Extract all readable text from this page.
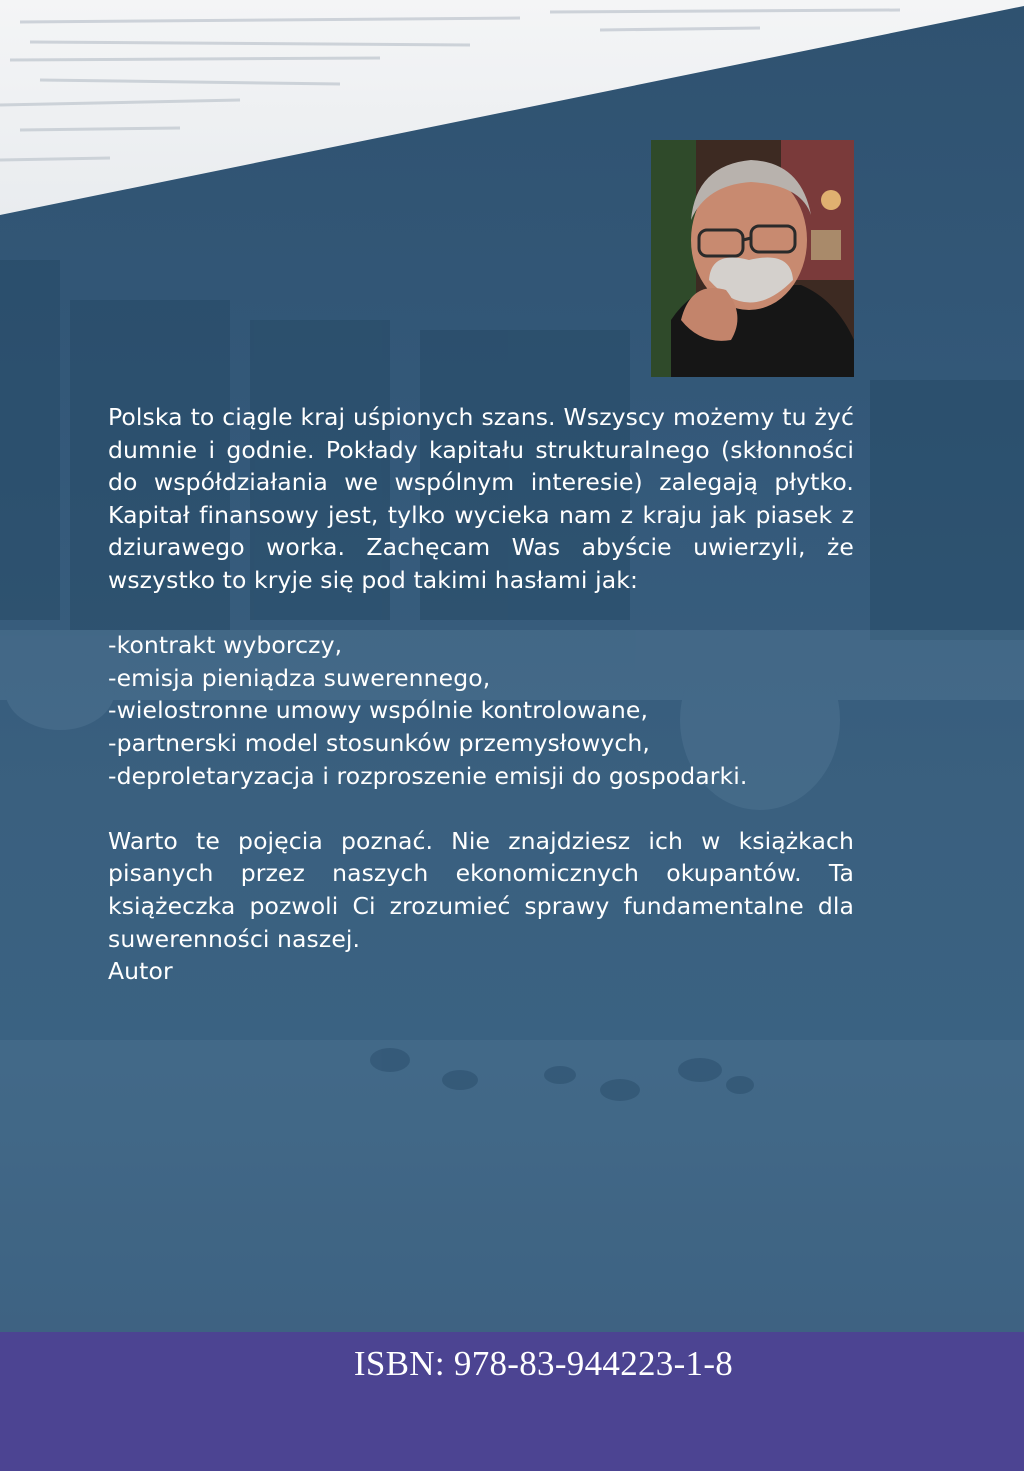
Polska to ciągle kraj uśpionych szans. Wszyscy możemy tu żyć dumnie i godnie. Pokłady kapitału strukturalnego (skłonności do współdziałania we wspólnym interesie) zalegają płytko. Kapitał finansowy jest, tylko wycieka nam z kraju jak piasek z dziurawego worka. Zachęcam Was abyście uwierzyli, że wszystko to kryje się pod takimi hasłami jak:

-kontrakt wyborczy,
-emisja pieniądza suwerennego,
-wielostronne umowy wspólnie kontrolowane,
-partnerski model stosunków przemysłowych,
-deproletaryzacja i rozproszenie emisji do gospodarki.

Warto te pojęcia poznać. Nie znajdziesz ich w książkach pisanych przez naszych ekonomicznych okupantów. Ta książeczka pozwoli Ci zrozumieć sprawy fundamentalne dla suwerenności naszej.

Autor

ISBN: 978-83-944223-1-8
